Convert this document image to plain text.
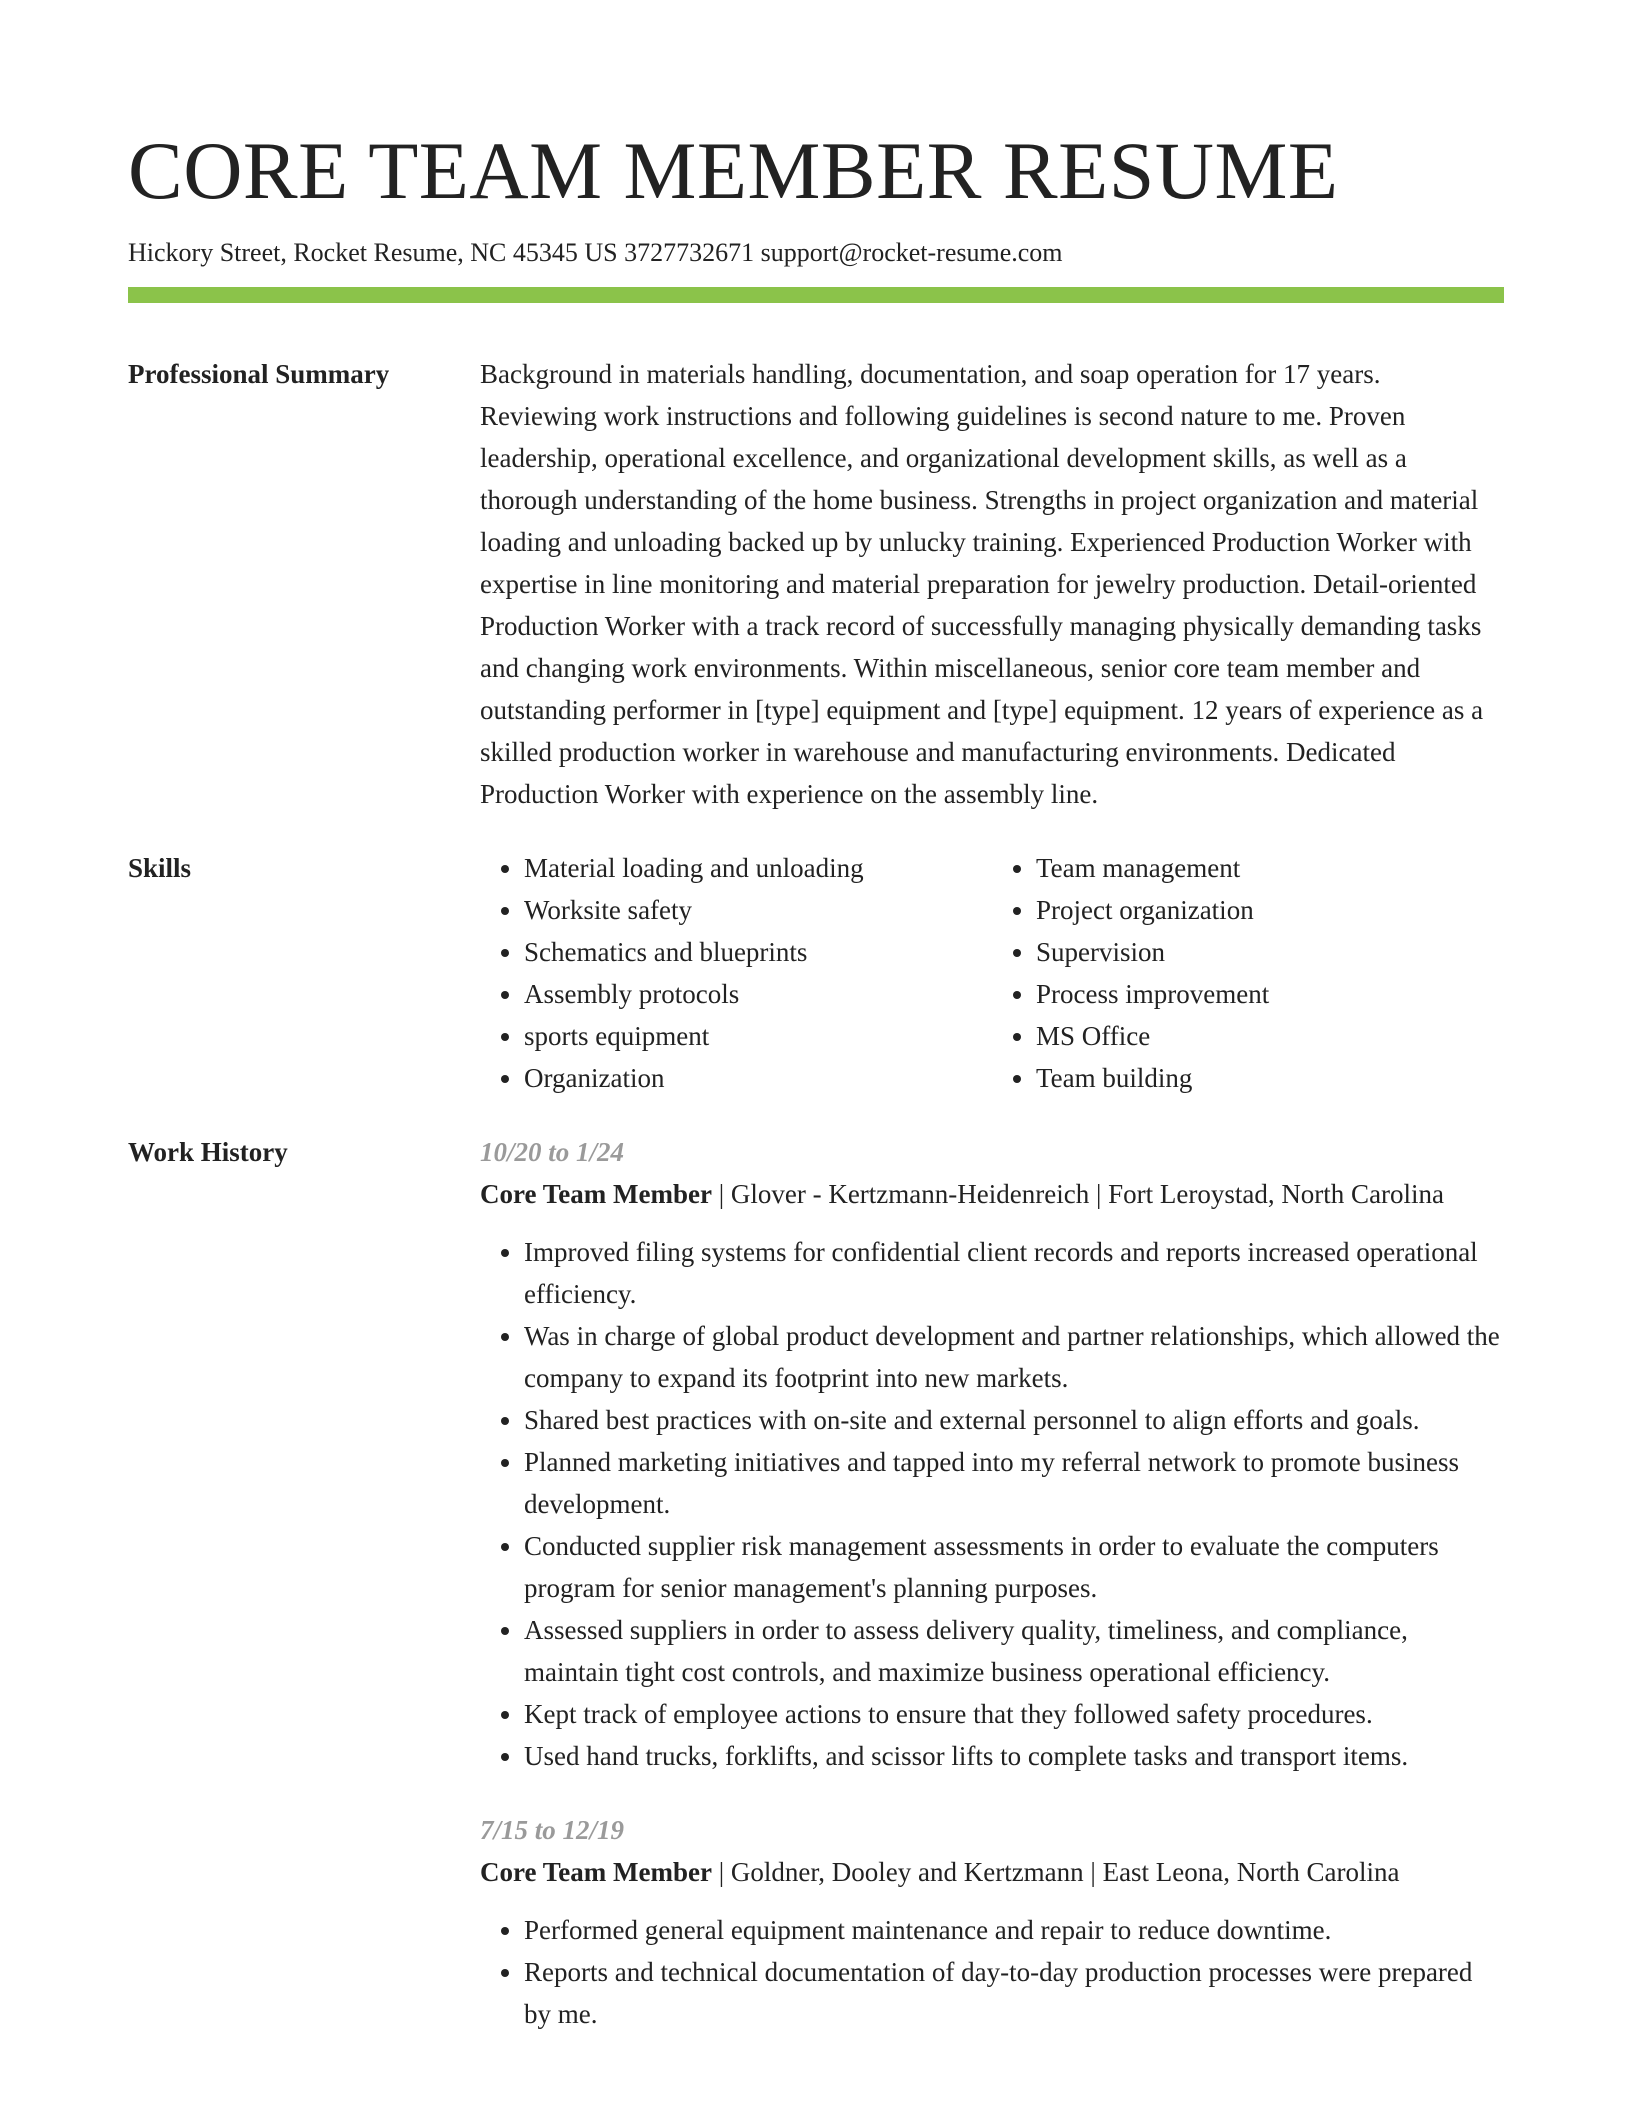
CORE TEAM MEMBER RESUME
Hickory Street, Rocket Resume, NC 45345 US 3727732671 support@rocket-resume.com
Professional Summary	Background in materials handling, documentation, and soap operation for 17 years. Reviewing work instructions and following guidelines is second nature to me. Proven leadership, operational excellence, and organizational development skills, as well as a thorough understanding of the home business. Strengths in project organization and material loading and unloading backed up by unlucky training. Experienced Production Worker with expertise in line monitoring and material preparation for jewelry production. Detail-oriented Production Worker with a track record of successfully managing physically demanding tasks and changing work environments. Within miscellaneous, senior core team member and outstanding performer in [type] equipment and [type] equipment. 12 years of experience as a skilled production worker in warehouse and manufacturing environments. Dedicated Production Worker with experience on the assembly line.
Skills
•	Material loading and unloading
• Worksite safety
• Schematics and blueprints
• Assembly protocols
• sports equipment
• Organization
• Team management
• Project organization
• Supervision
• Process improvement
• MS Office
• Team building
Work History	10/20 to 1/24
Core Team Member | Glover - Kertzmann-Heidenreich | Fort Leroystad, North Carolina
• Improved filing systems for confidential client records and reports increased operational efficiency.
• Was in charge of global product development and partner relationships, which allowed the company to expand its footprint into new markets.
• Shared best practices with on-site and external personnel to align efforts and goals.
• Planned marketing initiatives and tapped into my referral network to promote business development.
• Conducted supplier risk management assessments in order to evaluate the computers program for senior management's planning purposes.
• Assessed suppliers in order to assess delivery quality, timeliness, and compliance, maintain tight cost controls, and maximize business operational efficiency.
• Kept track of employee actions to ensure that they followed safety procedures.
• Used hand trucks, forklifts, and scissor lifts to complete tasks and transport items.
7/15 to 12/19
Core Team Member | Goldner, Dooley and Kertzmann | East Leona, North Carolina
• Performed general equipment maintenance and repair to reduce downtime.
• Reports and technical documentation of day-to-day production processes were prepared by me.
